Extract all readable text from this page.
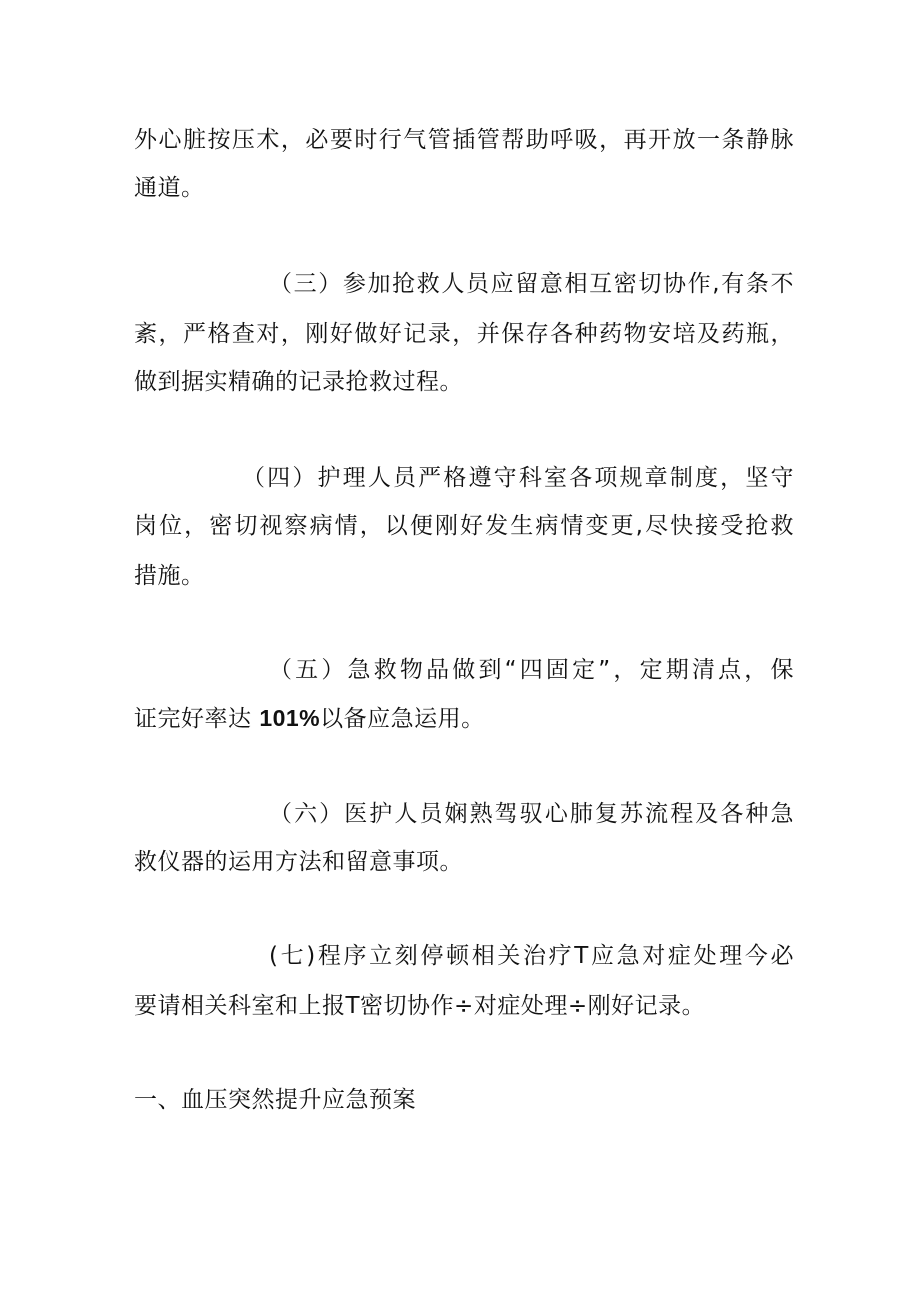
外心脏按压术，必要时行气管插管帮助呼吸，再开放一条静脉
通道。
（三）参加抢救人员应留意相互密切协作,有条不
紊，严格查对，刚好做好记录，并保存各种药物安培及药瓶，
做到据实精确的记录抢救过程。
（四）护理人员严格遵守科室各项规章制度，坚守
岗位，密切视察病情，以便刚好发生病情变更,尽快接受抢救
措施。
（五）急救物品做到“四固定”，定期清点，保
证完好率达 101%以备应急运用。
（六）医护人员娴熟驾驭心肺复苏流程及各种急
救仪器的运用方法和留意事项。
(七)程序立刻停顿相关治疗T应急对症处理今必
要请相关科室和上报T密切协作÷对症处理÷刚好记录。
一、血压突然提升应急预案
